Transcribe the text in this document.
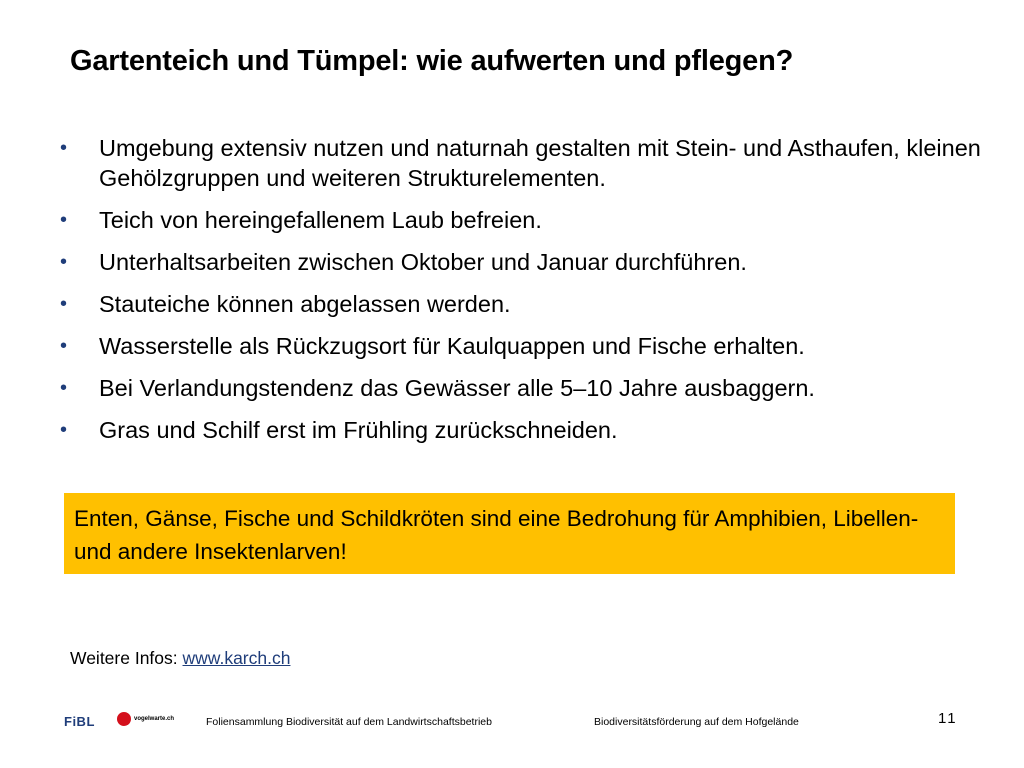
Gartenteich und Tümpel: wie aufwerten und pflegen?
• Umgebung extensiv nutzen und naturnah gestalten mit Stein- und Asthaufen, kleinen Gehölzgruppen und weiteren Strukturelementen.
• Teich von hereingefallenem Laub befreien.
• Unterhaltsarbeiten zwischen Oktober und Januar durchführen.
• Stauteiche können abgelassen werden.
• Wasserstelle als Rückzugsort für Kaulquappen und Fische erhalten.
• Bei Verlandungstendenz das Gewässer alle 5–10 Jahre ausbaggern.
• Gras und Schilf erst im Frühling zurückschneiden.
Enten, Gänse, Fische und Schildkröten sind eine Bedrohung für Amphibien, Libellen- und andere Insektenlarven!
Weitere Infos: www.karch.ch
FiBL	vogelwarte.ch	Foliensammlung Biodiversität auf dem Landwirtschaftsbetrieb	Biodiversitätsförderung auf dem Hofgelände	11
